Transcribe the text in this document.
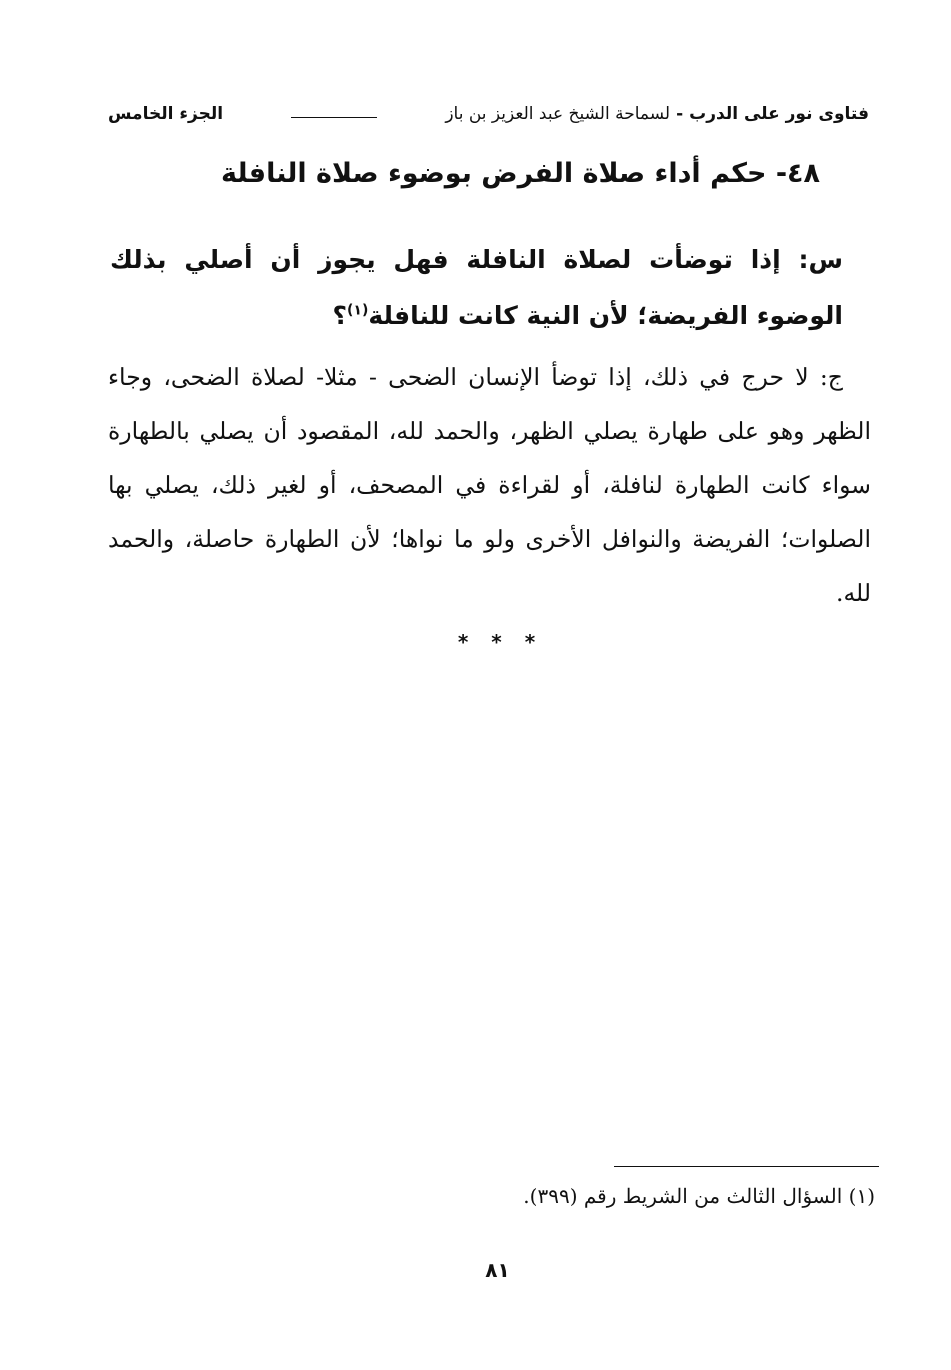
فتاوى نور على الدرب
-
لسماحة الشيخ عبد العزيز بن باز
الجزء الخامس
٤٨- حكم أداء صلاة الفرض بوضوء صلاة النافلة
س: إذا توضأت لصلاة النافلة فهل يجوز أن أصلي بذلك الوضوء الفريضة؛ لأن النية كانت للنافلة$^{(١)}$؟
ج: لا حرج في ذلك، إذا توضأ الإنسان الضحى - مثلا- لصلاة الضحى، وجاء الظهر وهو على طهارة يصلي الظهر، والحمد لله، المقصود أن يصلي بالطهارة سواء كانت الطهارة لنافلة، أو لقراءة في المصحف، أو لغير ذلك، يصلي بها الصلوات؛ الفريضة والنوافل الأخرى ولو ما نواها؛ لأن الطهارة حاصلة، والحمد لله.
* * *
(١) السؤال الثالث من الشريط رقم (٣٩٩).
٨١
